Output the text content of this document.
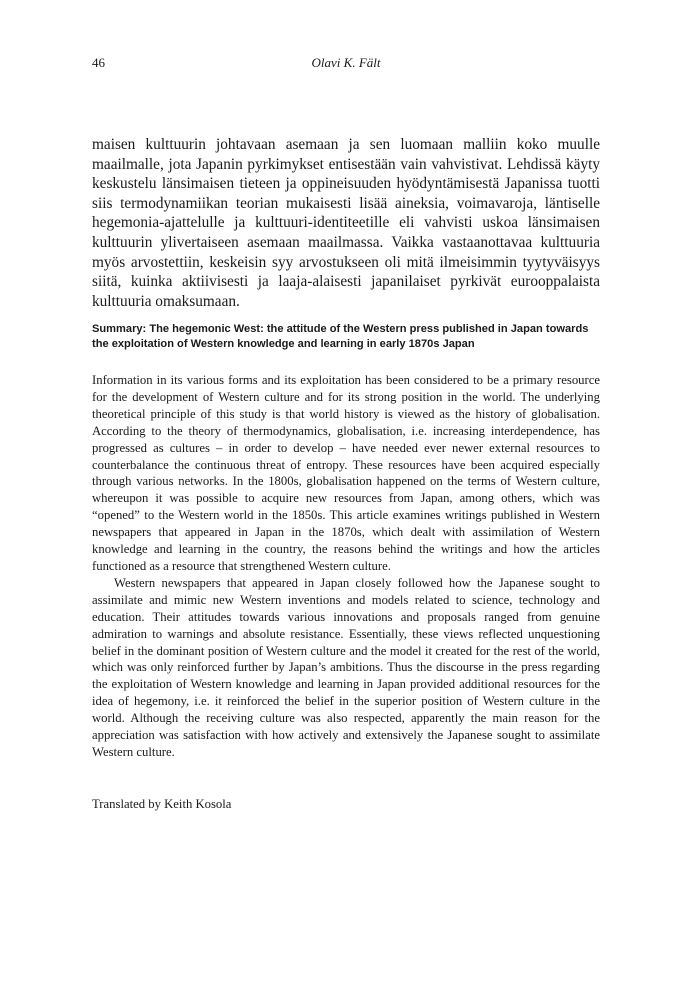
46	Olavi K. Fält

maisen kulttuurin johtavaan asemaan ja sen luomaan malliin koko muulle maailmalle, jota Japanin pyrkimykset entisestään vain vahvistivat. Lehdissä käyty keskustelu länsimaisen tieteen ja oppineisuuden hyödyntämisestä Japanissa tuotti siis termodynamiikan teorian mukaisesti lisää aineksia, voimavaroja, läntiselle hegemonia-ajattelulle ja kulttuuri-identiteetille eli vahvisti uskoa länsimaisen kulttuurin ylivertaiseen asemaan maailmassa. Vaikka vastaanottavaa kulttuuria myös arvostettiin, keskeisin syy arvostukseen oli mitä ilmeisimmin tyytyväisyys siitä, kuinka aktiivisesti ja laaja-alaisesti japanilaiset pyrkivät eurooppalaista kulttuuria omaksumaan.

Summary: The hegemonic West: the attitude of the Western press published in Japan towards the exploitation of Western knowledge and learning in early 1870s Japan

Information in its various forms and its exploitation has been considered to be a primary resource for the development of Western culture and for its strong position in the world. The underlying theoretical principle of this study is that world history is viewed as the history of globalisation. According to the theory of thermodynamics, globalisation, i.e. increasing interdependence, has progressed as cultures – in order to develop – have needed ever newer external resources to counterbalance the continuous threat of entropy. These resources have been acquired especially through various networks. In the 1800s, globalisation happened on the terms of Western culture, whereupon it was possible to acquire new resources from Japan, among others, which was “opened” to the Western world in the 1850s. This article examines writings published in Western newspapers that appeared in Japan in the 1870s, which dealt with assimilation of Western knowledge and learning in the country, the reasons behind the writings and how the articles functioned as a resource that strengthened Western culture.

Western newspapers that appeared in Japan closely followed how the Japanese sought to assimilate and mimic new Western inventions and models related to science, technology and education. Their attitudes towards various innovations and proposals ranged from genuine admiration to warnings and absolute resistance. Essentially, these views reflected unquestioning belief in the dominant position of Western culture and the model it created for the rest of the world, which was only reinforced further by Japan’s ambitions. Thus the discourse in the press regarding the exploitation of Western knowledge and learning in Japan provided additional resources for the idea of hegemony, i.e. it reinforced the belief in the superior position of Western culture in the world. Although the receiving culture was also respected, apparently the main reason for the appreciation was satisfaction with how actively and extensively the Japanese sought to assimilate Western culture.

Translated by Keith Kosola
